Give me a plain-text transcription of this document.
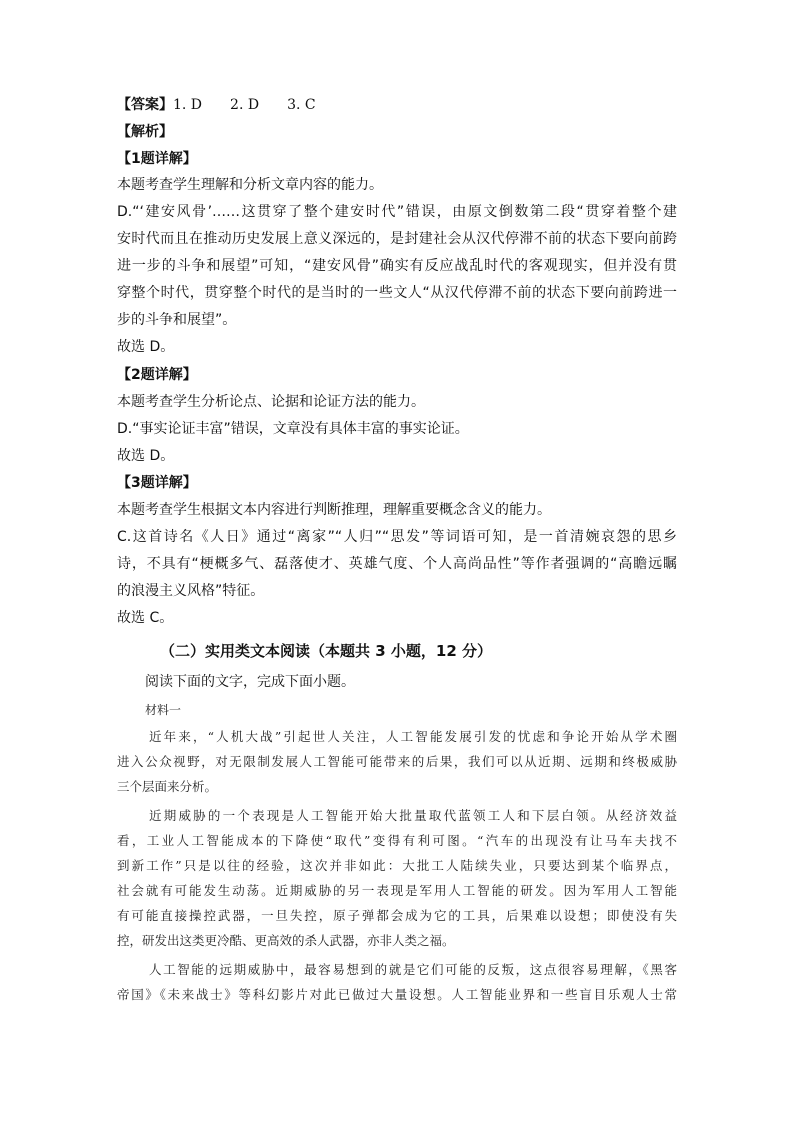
【答案】1. D　　2. D　　3. C
【解析】
【1题详解】
本题考查学生理解和分析文章内容的能力。
D.“‘建安风骨’……这贯穿了整个建安时代”错误，由原文倒数第二段“贯穿着整个建
安时代而且在推动历史发展上意义深远的，是封建社会从汉代停滞不前的状态下要向前跨
进一步的斗争和展望”可知，“建安风骨”确实有反应战乱时代的客观现实，但并没有贯
穿整个时代，贯穿整个时代的是当时的一些文人“从汉代停滞不前的状态下要向前跨进一
步的斗争和展望”。
故选 D。
【2题详解】
本题考查学生分析论点、论据和论证方法的能力。
D.“事实论证丰富”错误，文章没有具体丰富的事实论证。
故选 D。
【3题详解】
本题考查学生根据文本内容进行判断推理，理解重要概念含义的能力。
C.这首诗名《人日》通过“离家”“人归”“思发”等词语可知，是一首清婉哀怨的思乡
诗，不具有“梗概多气、磊落使才、英雄气度、个人高尚品性”等作者强调的“高瞻远瞩
的浪漫主义风格”特征。
故选 C。
（二）实用类文本阅读（本题共 3 小题，12 分）
阅读下面的文字，完成下面小题。
材料一
近年来，“人机大战”引起世人关注，人工智能发展引发的忧虑和争论开始从学术圈
进入公众视野，对无限制发展人工智能可能带来的后果，我们可以从近期、远期和终极威胁
三个层面来分析。
近期威胁的一个表现是人工智能开始大批量取代蓝领工人和下层白领。从经济效益
看，工业人工智能成本的下降使“取代”变得有利可图。“汽车的出现没有让马车夫找不
到新工作”只是以往的经验，这次并非如此：大批工人陆续失业，只要达到某个临界点，
社会就有可能发生动荡。近期威胁的另一表现是军用人工智能的研发。因为军用人工智能
有可能直接操控武器，一旦失控，原子弹都会成为它的工具，后果难以设想；即使没有失
控，研发出这类更冷酷、更高效的杀人武器，亦非人类之福。
人工智能的远期威胁中，最容易想到的就是它们可能的反叛，这点很容易理解，《黑客
帝国》《未来战士》等科幻影片对此已做过大量设想。人工智能业界和一些盲目乐观人士常
